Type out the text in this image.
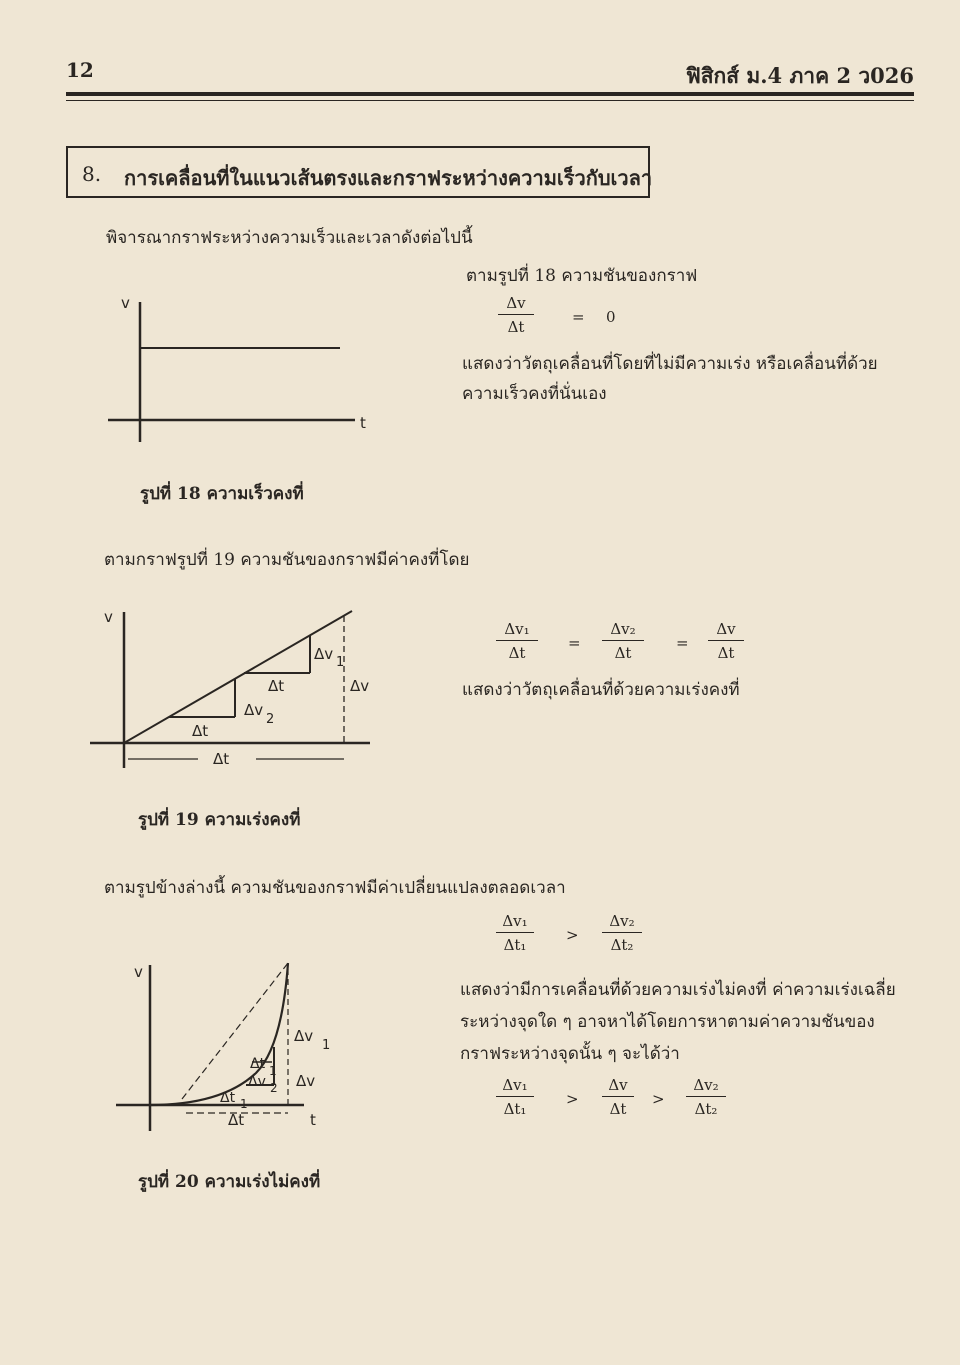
12	ฟิสิกส์ ม.4 ภาค 2 ว026
8. การเคลื่อนที่ในแนวเส้นตรงและกราฟระหว่างความเร็วกับเวลา
พิจารณากราฟระหว่างความเร็วและเวลาดังต่อไปนี้
v
t
ตามรูปที่ 18 ความชันของกราฟ
$\frac{\Delta v}{\Delta t}$	= 0
แสดงว่าวัตถุเคลื่อนที่โดยที่ไม่มีความเร่ง หรือเคลื่อนที่ด้วย
ความเร็วคงที่นั่นเอง
รูปที่ 18 ความเร็วคงที่
ตามกราฟรูปที่ 19 ความชันของกราฟมีค่าคงที่โดย
v
Δv 1
Δt	Δv
Δv
2
Δt
Δt
$\frac{\text{Δv₁}}{\Delta t} = \frac{\text{Δv₂}}{\Delta t} = \frac{\Delta v}{\Delta t}$
แสดงว่าวัตถุเคลื่อนที่ด้วยความเร่งคงที่
รูปที่ 19 ความเร่งคงที่
ตามรูปข้างล่างนี้ ความชันของกราฟมีค่าเปลี่ยนแปลงตลอดเวลา
v
t
Δv
1
Δt 1
Δv 2 Δv
Δt 1
Δt
$\frac{\text{Δv₁}}{\text{Δt₁}} > \frac{\text{Δv₂}}{\text{Δt₂}}$
แสดงว่ามีการเคลื่อนที่ด้วยความเร่งไม่คงที่ ค่าความเร่งเฉลี่ย
ระหว่างจุดใด ๆ อาจหาได้โดยการหาตามค่าความชันของ
กราฟระหว่างจุดนั้น ๆ จะได้ว่า
$\frac{\text{Δv₁}}{\text{Δt₁}} > \frac{\Delta v}{\Delta t} > \frac{\text{Δv₂}}{\text{Δt₂}}$
รูปที่ 20 ความเร่งไม่คงที่
